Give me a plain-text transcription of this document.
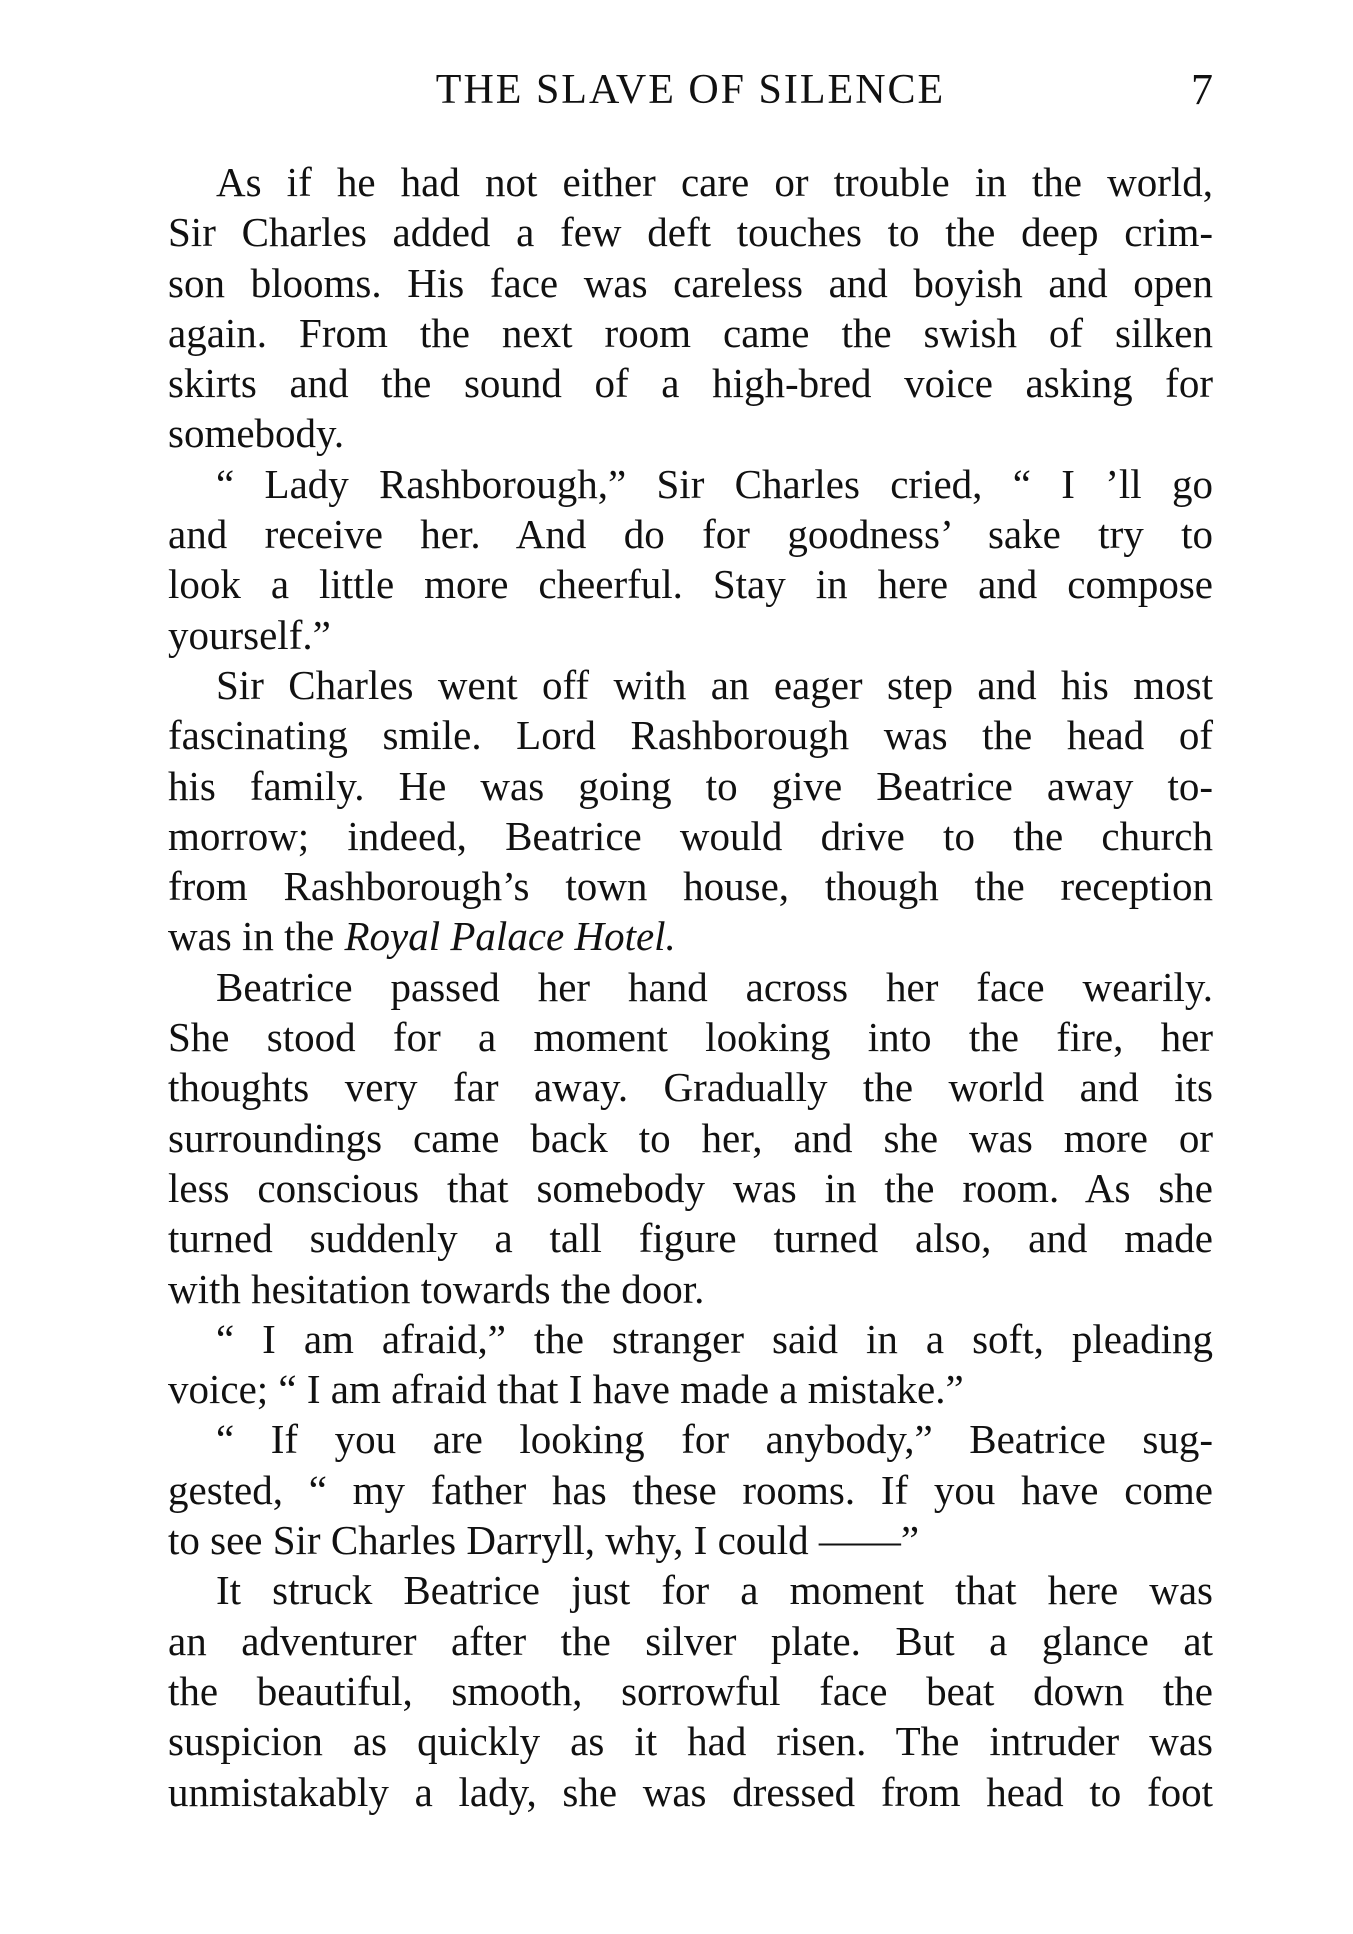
THE SLAVE OF SILENCE	7

As if he had not either care or trouble in the world,
Sir Charles added a few deft touches to the deep crim-
son blooms. His face was careless and boyish and open
again. From the next room came the swish of silken
skirts and the sound of a high-bred voice asking for
somebody.

“ Lady Rashborough,” Sir Charles cried, “ I ’ll go
and receive her. And do for goodness’ sake try to
look a little more cheerful. Stay in here and compose
yourself.”

Sir Charles went off with an eager step and his most
fascinating smile. Lord Rashborough was the head of
his family. He was going to give Beatrice away to-
morrow; indeed, Beatrice would drive to the church
from Rashborough’s town house, though the reception
was in the Royal Palace Hotel.

Beatrice passed her hand across her face wearily.
She stood for a moment looking into the fire, her
thoughts very far away. Gradually the world and its
surroundings came back to her, and she was more or
less conscious that somebody was in the room. As she
turned suddenly a tall figure turned also, and made
with hesitation towards the door.

“ I am afraid,” the stranger said in a soft, pleading
voice; “ I am afraid that I have made a mistake.”

“ If you are looking for anybody,” Beatrice sug-
gested, “ my father has these rooms. If you have come
to see Sir Charles Darryll, why, I could ——”

It struck Beatrice just for a moment that here was
an adventurer after the silver plate. But a glance at
the beautiful, smooth, sorrowful face beat down the
suspicion as quickly as it had risen. The intruder was
unmistakably a lady, she was dressed from head to foot
